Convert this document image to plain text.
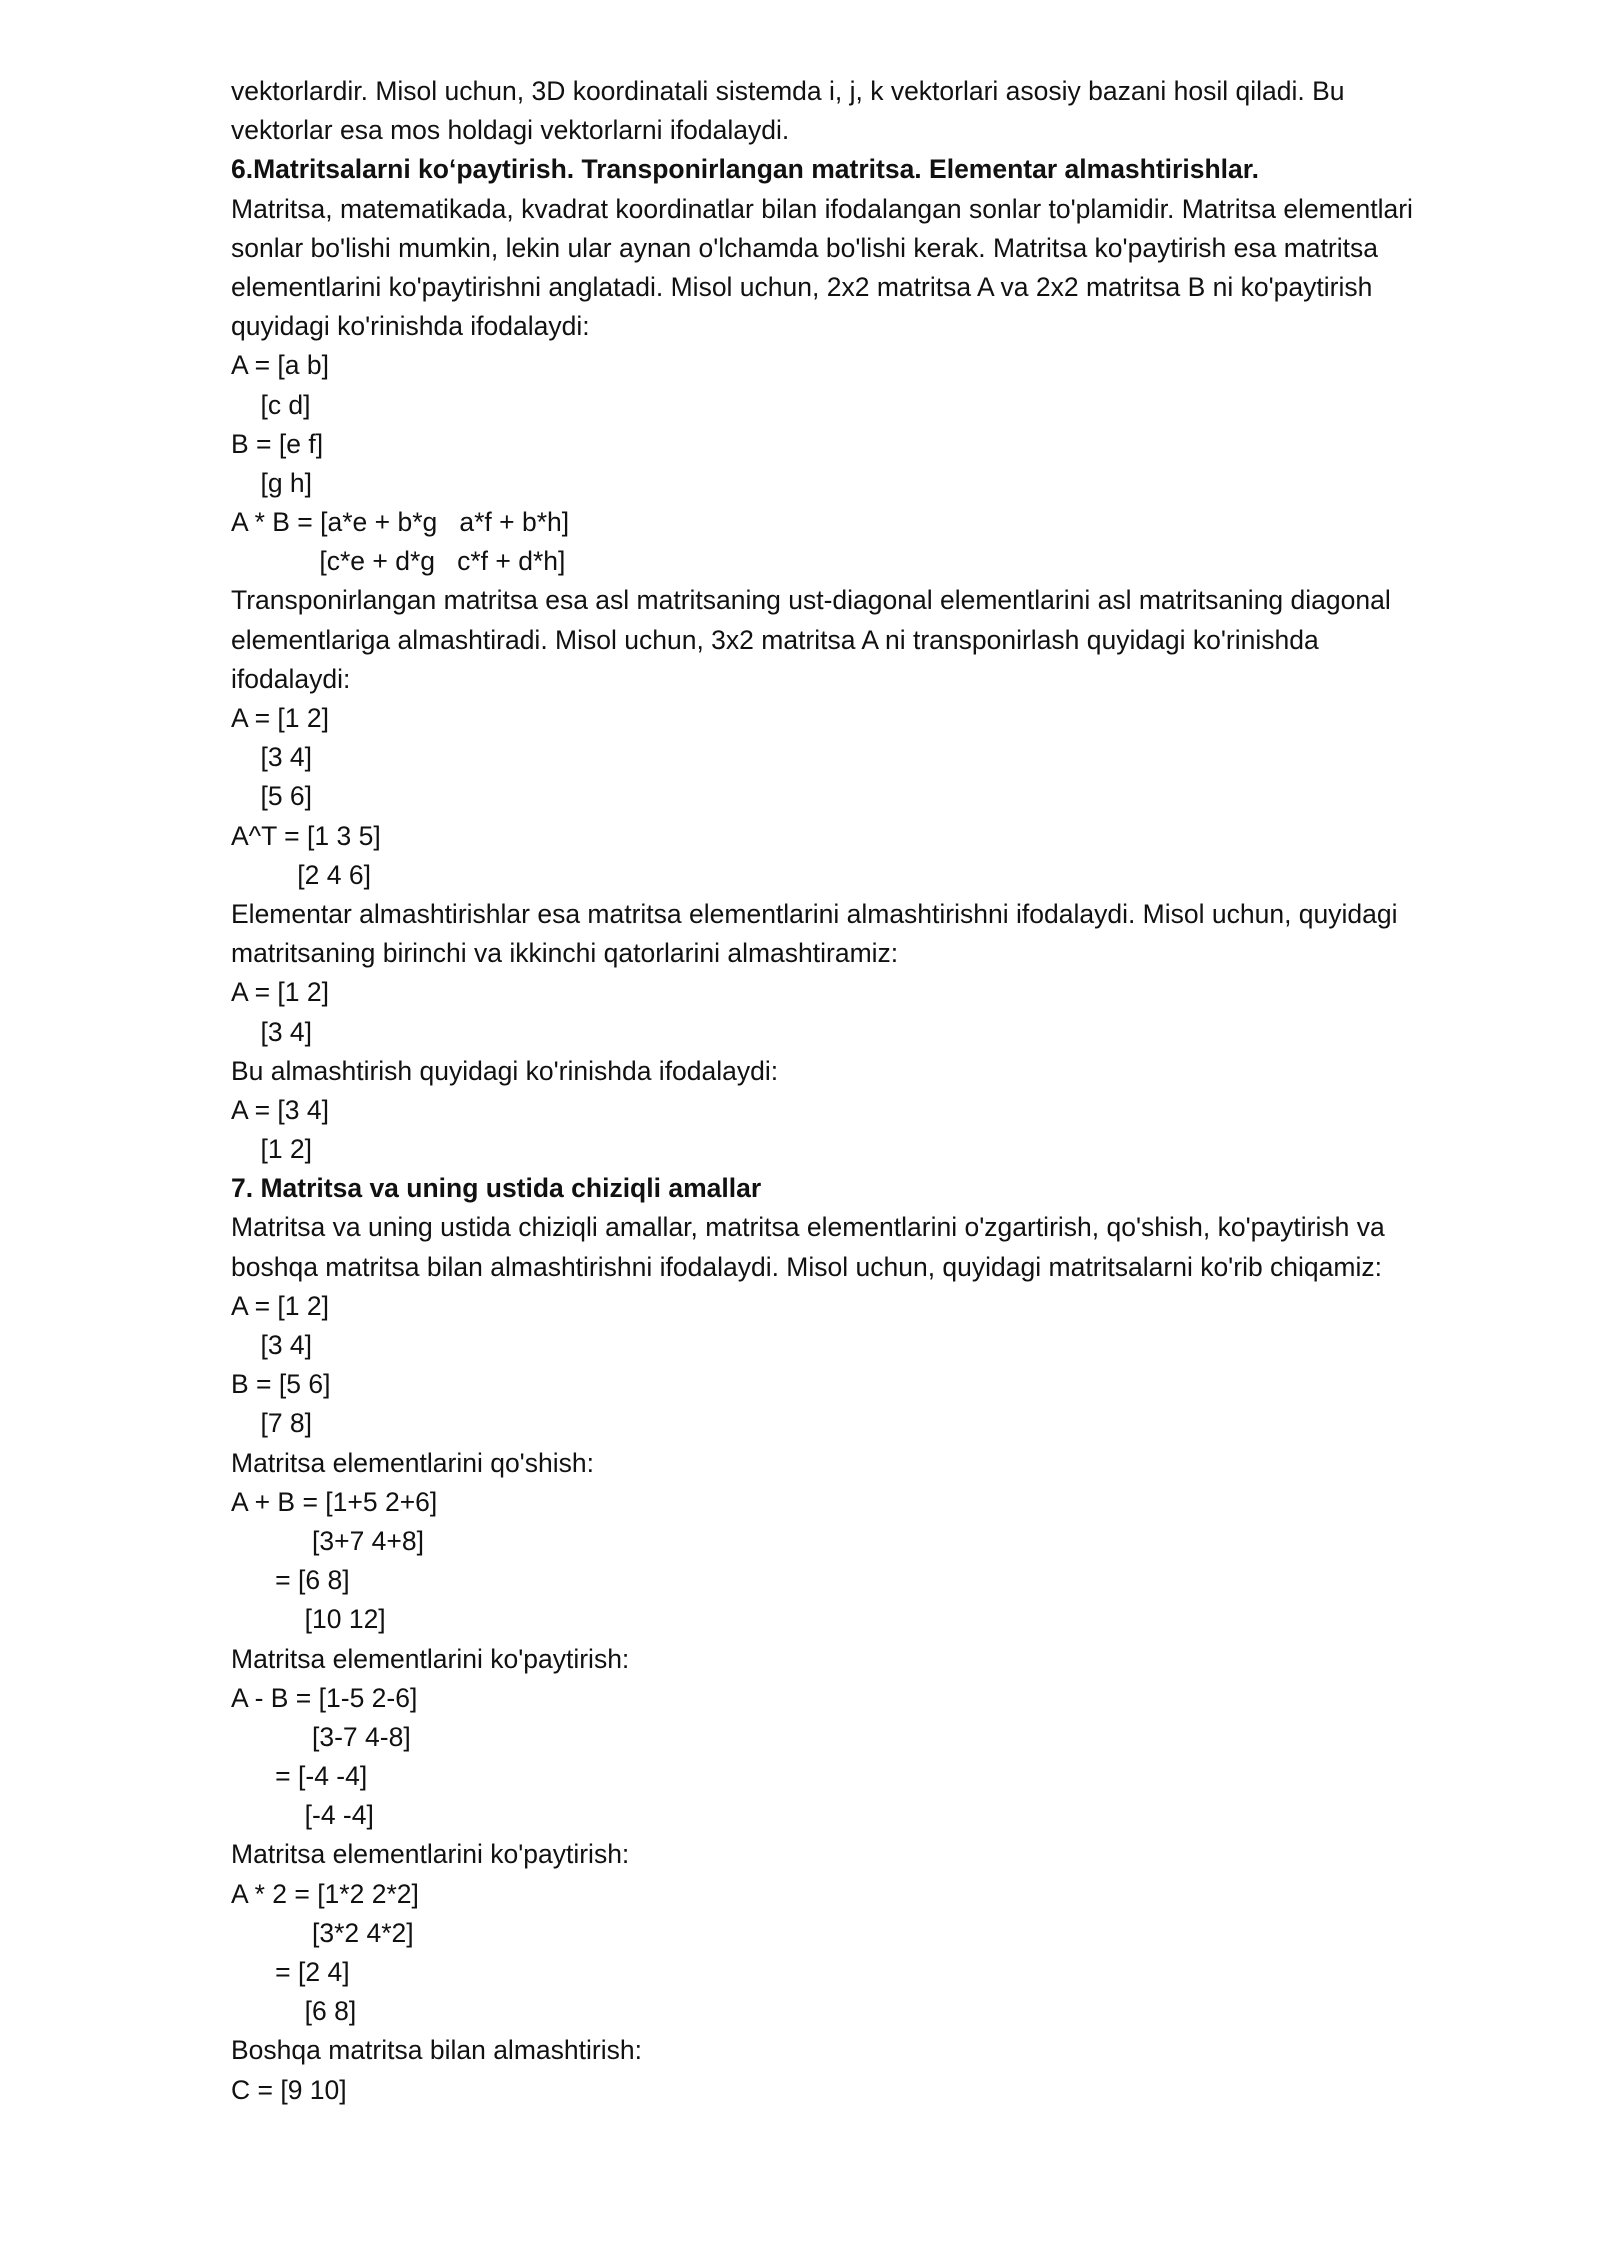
vektorlardir. Misol uchun, 3D koordinatali sistemda i, j, k vektorlari asosiy bazani hosil qiladi. Bu
vektorlar esa mos holdagi vektorlarni ifodalaydi.
6.Matritsalarni ko‘paytirish. Transponirlangan matritsa. Elementar almashtirishlar.
Matritsa, matematikada, kvadrat koordinatlar bilan ifodalangan sonlar to'plamidir. Matritsa elementlari
sonlar bo'lishi mumkin, lekin ular aynan o'lchamda bo'lishi kerak. Matritsa ko'paytirish esa matritsa
elementlarini ko'paytirishni anglatadi. Misol uchun, 2x2 matritsa A va 2x2 matritsa B ni ko'paytirish
quyidagi ko'rinishda ifodalaydi:
A = [a b]
[c d]
B = [e f]
[g h]
A * B = [a*e + b*g   a*f + b*h]
[c*e + d*g   c*f + d*h]
Transponirlangan matritsa esa asl matritsaning ust-diagonal elementlarini asl matritsaning diagonal
elementlariga almashtiradi. Misol uchun, 3x2 matritsa A ni transponirlash quyidagi ko'rinishda
ifodalaydi:
A = [1 2]
[3 4]
[5 6]
A^T = [1 3 5]
[2 4 6]
Elementar almashtirishlar esa matritsa elementlarini almashtirishni ifodalaydi. Misol uchun, quyidagi
matritsaning birinchi va ikkinchi qatorlarini almashtiramiz:
A = [1 2]
[3 4]
Bu almashtirish quyidagi ko'rinishda ifodalaydi:
A = [3 4]
[1 2]
7. Matritsa va uning ustida chiziqli amallar
Matritsa va uning ustida chiziqli amallar, matritsa elementlarini o'zgartirish, qo'shish, ko'paytirish va
boshqa matritsa bilan almashtirishni ifodalaydi. Misol uchun, quyidagi matritsalarni ko'rib chiqamiz:
A = [1 2]
[3 4]
B = [5 6]
[7 8]
Matritsa elementlarini qo'shish:
A + B = [1+5 2+6]
[3+7 4+8]
= [6 8]
[10 12]
Matritsa elementlarini ko'paytirish:
A - B = [1-5 2-6]
[3-7 4-8]
= [-4 -4]
[-4 -4]
Matritsa elementlarini ko'paytirish:
A * 2 = [1*2 2*2]
[3*2 4*2]
= [2 4]
[6 8]
Boshqa matritsa bilan almashtirish:
C = [9 10]
